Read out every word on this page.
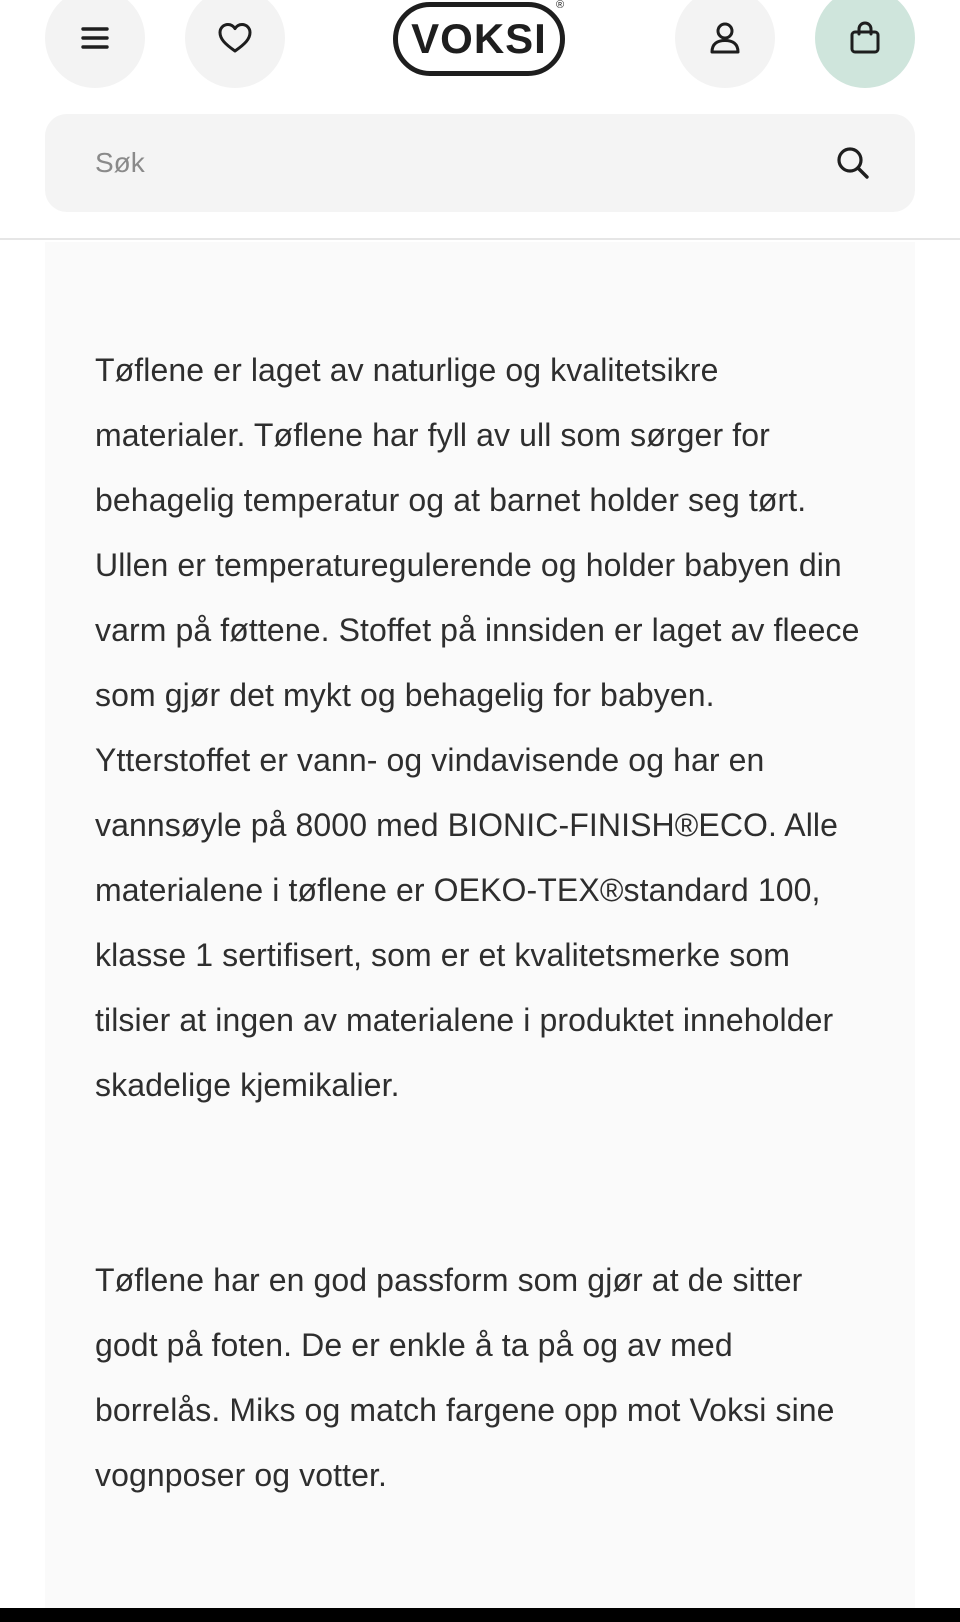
VOKSI
®
Søk

Tøflene er laget av naturlige og kvalitetsikre materialer. Tøflene har fyll av ull som sørger for behagelig temperatur og at barnet holder seg tørt. Ullen er temperaturegulerende og holder babyen din varm på føttene. Stoffet på innsiden er laget av fleece som gjør det mykt og behagelig for babyen. Ytterstoffet er vann- og vindavisende og har en vannsøyle på 8000 med BIONIC-FINISH®ECO. Alle materialene i tøflene er OEKO-TEX®standard 100, klasse 1 sertifisert, som er et kvalitetsmerke som tilsier at ingen av materialene i produktet inneholder skadelige kjemikalier.

Tøflene har en god passform som gjør at de sitter godt på foten. De er enkle å ta på og av med borrelås. Miks og match fargene opp mot Voksi sine vognposer og votter.
